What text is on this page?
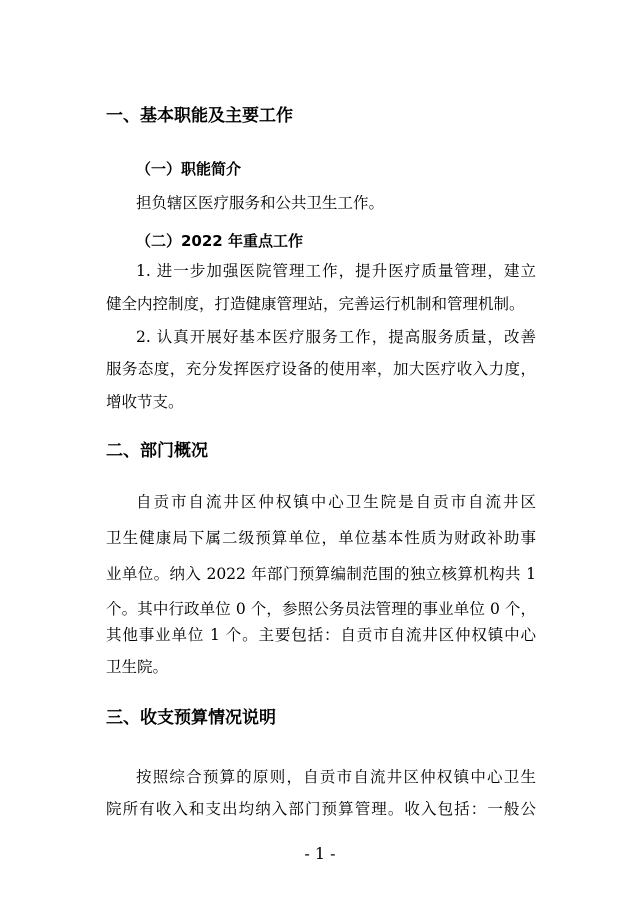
一、基本职能及主要工作
（一）职能简介
担负辖区医疗服务和公共卫生工作。
（二）2022 年重点工作
1. 进一步加强医院管理工作，提升医疗质量管理，建立
健全内控制度，打造健康管理站，完善运行机制和管理机制。
2. 认真开展好基本医疗服务工作，提高服务质量，改善
服务态度，充分发挥医疗设备的使用率，加大医疗收入力度，
增收节支。
二、部门概况
自贡市自流井区仲权镇中心卫生院是自贡市自流井区
卫生健康局下属二级预算单位，单位基本性质为财政补助事
业单位。纳入 2022 年部门预算编制范围的独立核算机构共 1
个。其中行政单位 0 个，参照公务员法管理的事业单位 0 个，
其他事业单位 1 个。主要包括：自贡市自流井区仲权镇中心
卫生院。
三、收支预算情况说明
按照综合预算的原则，自贡市自流井区仲权镇中心卫生
院所有收入和支出均纳入部门预算管理。收入包括：一般公
- 1 -
